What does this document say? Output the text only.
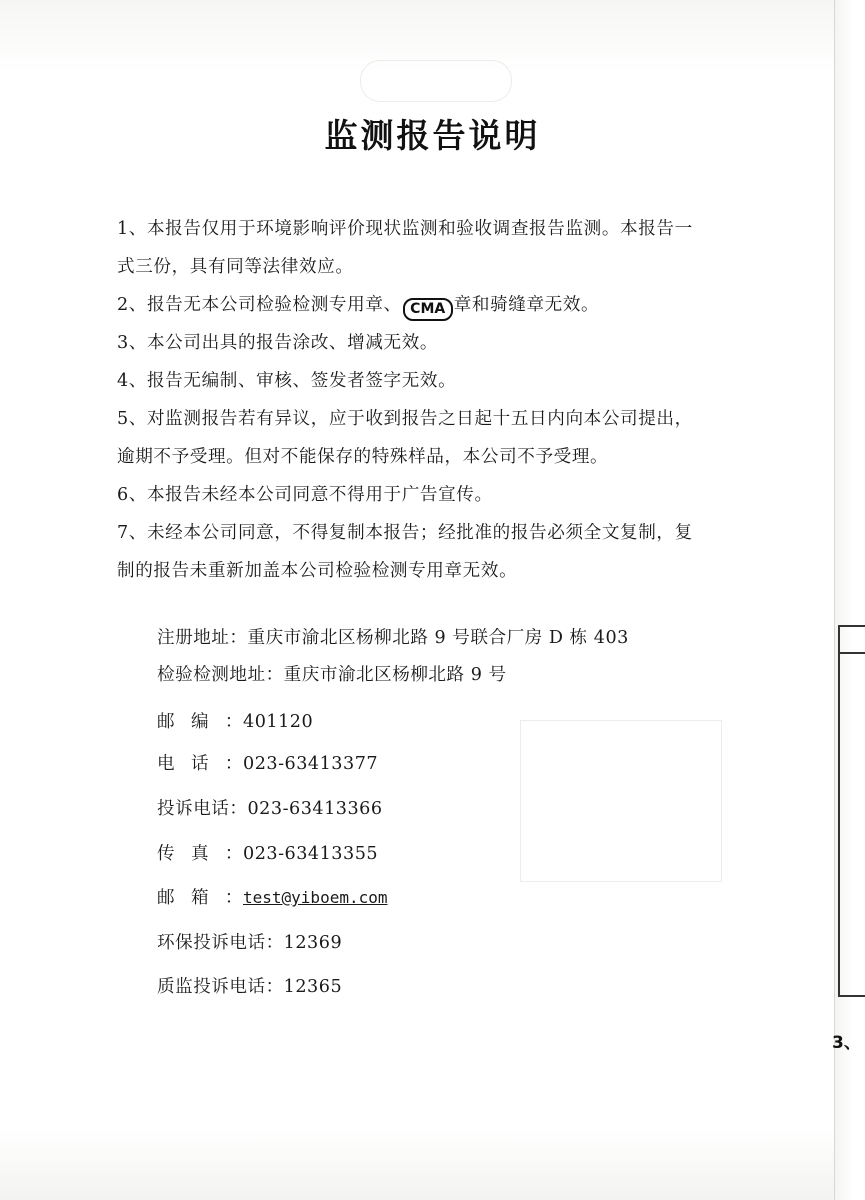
3、
监测报告说明

1、本报告仅用于环境影响评价现状监测和验收调查报告监测。本报告一
式三份，具有同等法律效应。

2、报告无本公司检验检测专用章、 CMA 章和骑缝章无效。

3、本公司出具的报告涂改、增减无效。

4、报告无编制、审核、签发者签字无效。

5、对监测报告若有异议，应于收到报告之日起十五日内向本公司提出，
逾期不予受理。但对不能保存的特殊样品，本公司不予受理。

6、本报告未经本公司同意不得用于广告宣传。

7、未经本公司同意，不得复制本报告；经批准的报告必须全文复制，复
制的报告未重新加盖本公司检验检测专用章无效。

注册地址：重庆市渝北区杨柳北路 9 号联合厂房 D 栋 403
检验检测地址：重庆市渝北区杨柳北路 9 号
邮编：401120
电话：023-63413377
投诉电话：023-63413366
传真：023-63413355
邮箱：test@yiboem.com
环保投诉电话：12369
质监投诉电话：12365
